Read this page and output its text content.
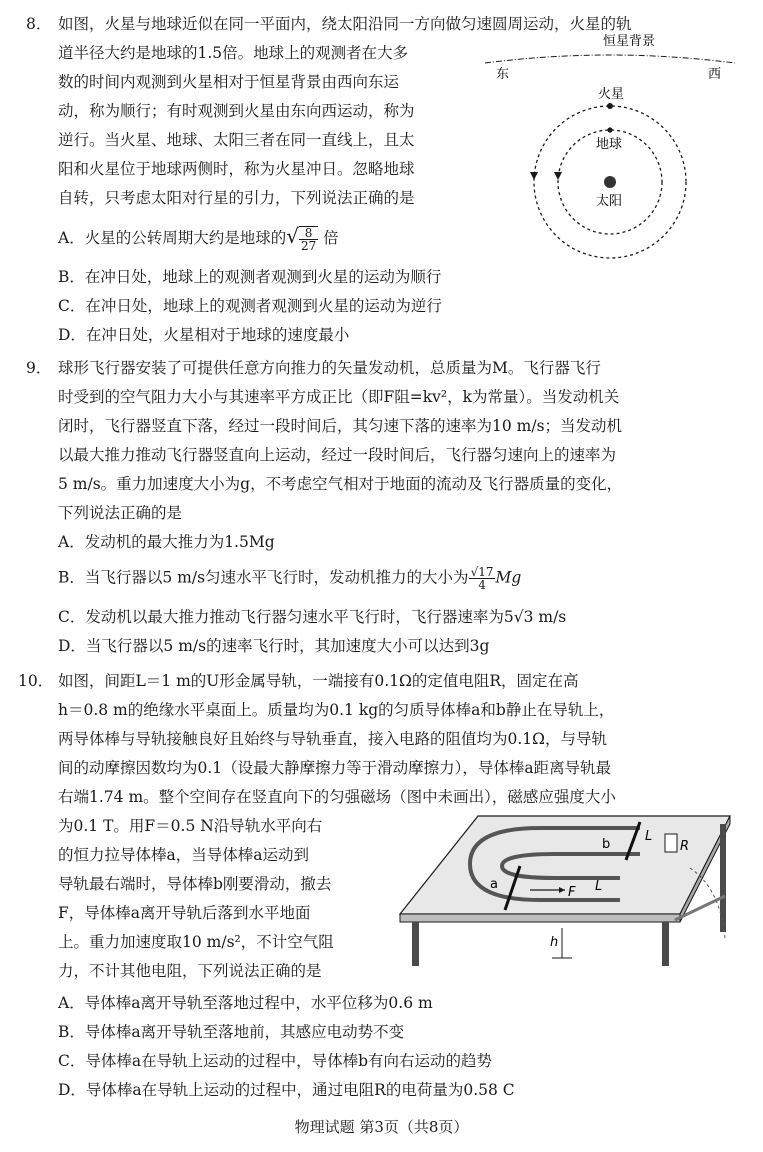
8． 如图，火星与地球近似在同一平面内，绕太阳沿同一方向做匀速圆周运动，火星的轨
道半径大约是地球的1.5倍。地球上的观测者在大多
数的时间内观测到火星相对于恒星背景由西向东运
动，称为顺行；有时观测到火星由东向西运动，称为
逆行。当火星、地球、太阳三者在同一直线上，且太
阳和火星位于地球两侧时，称为火星冲日。忽略地球
自转，只考虑太阳对行星的引力，下列说法正确的是
A．火星的公转周期大约是地球的√ $\frac{8}{27}$ 倍
B．在冲日处，地球上的观测者观测到火星的运动为顺行
C．在冲日处，地球上的观测者观测到火星的运动为逆行
D．在冲日处，火星相对于地球的速度最小
恒星背景
东	西
火星
地球
太阳
9． 球形飞行器安装了可提供任意方向推力的矢量发动机，总质量为M。飞行器飞行
时受到的空气阻力大小与其速率平方成正比（即F阻=kv²，k为常量）。当发动机关
闭时，飞行器竖直下落，经过一段时间后，其匀速下落的速率为10 m/s；当发动机
以最大推力推动飞行器竖直向上运动，经过一段时间后，飞行器匀速向上的速率为
5 m/s。重力加速度大小为g，不考虑空气相对于地面的流动及飞行器质量的变化，
下列说法正确的是
A．发动机的最大推力为1.5Mg
B．当飞行器以5 m/s匀速水平飞行时，发动机推力的大小为 $\frac{√17}{4}$ Mg
C．发动机以最大推力推动飞行器匀速水平飞行时，飞行器速率为5√3 m/s
D．当飞行器以5 m/s的速率飞行时，其加速度大小可以达到3g
10． 如图，间距L＝1 m的U形金属导轨，一端接有0.1Ω的定值电阻R，固定在高
h＝0.8 m的绝缘水平桌面上。质量均为0.1 kg的匀质导体棒a和b静止在导轨上，
两导体棒与导轨接触良好且始终与导轨垂直，接入电路的阻值均为0.1Ω，与导轨
间的动摩擦因数均为0.1（设最大静摩擦力等于滑动摩擦力），导体棒a距离导轨最
右端1.74 m。整个空间存在竖直向下的匀强磁场（图中未画出），磁感应强度大小
为0.1 T。用F＝0.5 N沿导轨水平向右
的恒力拉导体棒a，当导体棒a运动到
导轨最右端时，导体棒b刚要滑动，撤去
F，导体棒a离开导轨后落到水平地面
上。重力加速度取10 m/s²，不计空气阻
力，不计其他电阻，下列说法正确的是
A．导体棒a离开导轨至落地过程中，水平位移为0.6 m
B．导体棒a离开导轨至落地前，其感应电动势不变
C．导体棒a在导轨上运动的过程中，导体棒b有向右运动的趋势
D．导体棒a在导轨上运动的过程中，通过电阻R的电荷量为0.58 C
a
b
L
L
R
F
h
物理试题 第3页（共8页）
